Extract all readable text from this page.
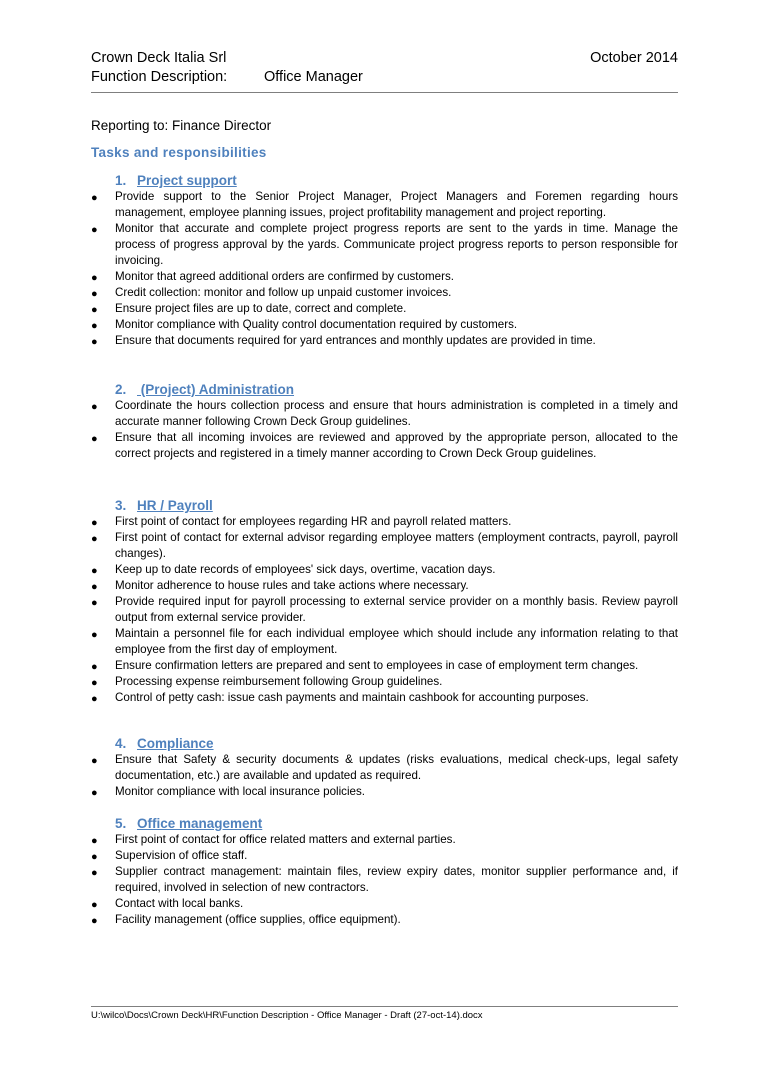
Crown Deck Italia Srl	October 2014
Function Description:	Office Manager
Reporting to: Finance Director
Tasks and responsibilities
1. Project support
● Provide support to the Senior Project Manager, Project Managers and Foremen regarding hours management, employee planning issues, project profitability management and project reporting.
● Monitor that accurate and complete project progress reports are sent to the yards in time. Manage the process of progress approval by the yards. Communicate project progress reports to person responsible for invoicing.
● Monitor that agreed additional orders are confirmed by customers.
● Credit collection: monitor and follow up unpaid customer invoices.
● Ensure project files are up to date, correct and complete.
● Monitor compliance with Quality control documentation required by customers.
● Ensure that documents required for yard entrances and monthly updates are provided in time.
2. (Project) Administration
● Coordinate the hours collection process and ensure that hours administration is completed in a timely and accurate manner following Crown Deck Group guidelines.
● Ensure that all incoming invoices are reviewed and approved by the appropriate person, allocated to the correct projects and registered in a timely manner according to Crown Deck Group guidelines.
3. HR / Payroll
● First point of contact for employees regarding HR and payroll related matters.
● First point of contact for external advisor regarding employee matters (employment contracts, payroll, payroll changes).
● Keep up to date records of employees' sick days, overtime, vacation days.
● Monitor adherence to house rules and take actions where necessary.
● Provide required input for payroll processing to external service provider on a monthly basis. Review payroll output from external service provider.
● Maintain a personnel file for each individual employee which should include any information relating to that employee from the first day of employment.
● Ensure confirmation letters are prepared and sent to employees in case of employment term changes.
● Processing expense reimbursement following Group guidelines.
● Control of petty cash: issue cash payments and maintain cashbook for accounting purposes.
4. Compliance
● Ensure that Safety & security documents & updates (risks evaluations, medical check-ups, legal safety documentation, etc.) are available and updated as required.
● Monitor compliance with local insurance policies.
5. Office management
● First point of contact for office related matters and external parties.
● Supervision of office staff.
● Supplier contract management: maintain files, review expiry dates, monitor supplier performance and, if required, involved in selection of new contractors.
● Contact with local banks.
● Facility management (office supplies, office equipment).
U:\wilco\Docs\Crown Deck\HR\Function Description - Office Manager - Draft (27-oct-14).docx
